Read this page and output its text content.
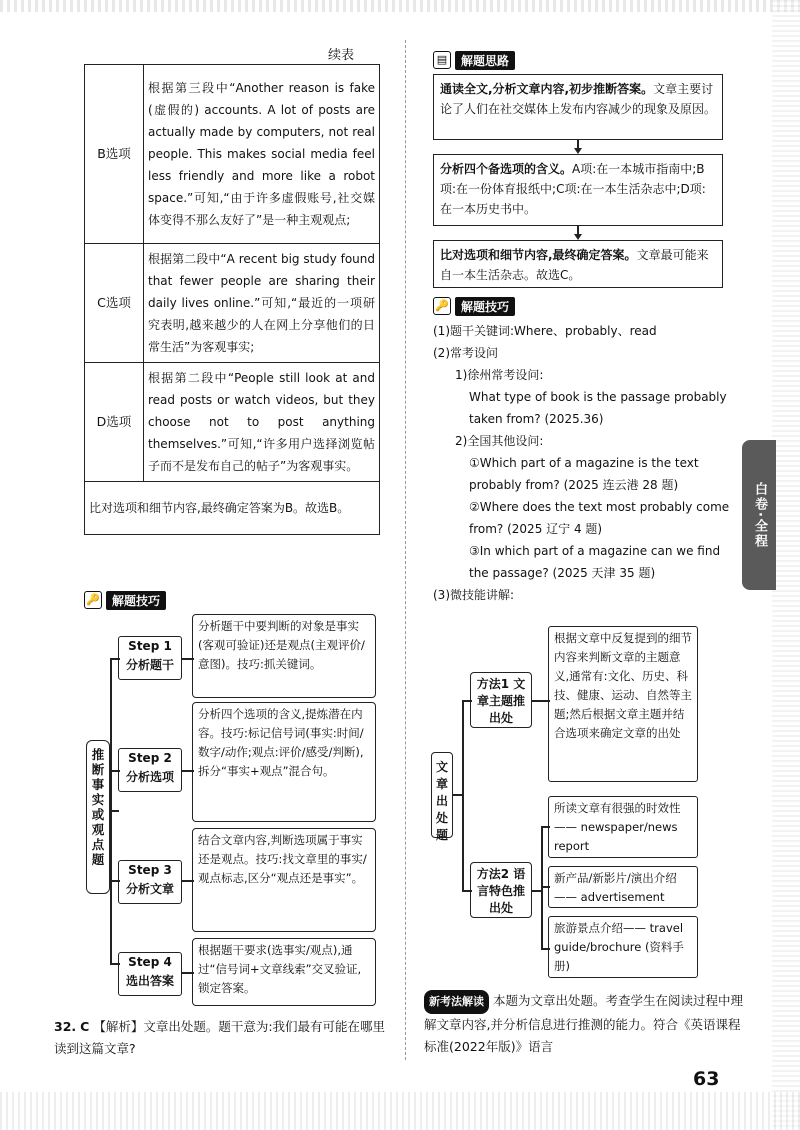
续表
B选项	根据第三段中“Another reason is fake (虚假的) accounts. A lot of posts are actually made by computers, not real people. This makes social media feel less friendly and more like a robot space.”可知,“由于许多虚假账号,社交媒体变得不那么友好了”是一种主观观点;
C选项	根据第二段中“A recent big study found that fewer people are sharing their daily lives online.”可知,“最近的一项研究表明,越来越少的人在网上分享他们的日常生活”为客观事实;
D选项	根据第二段中“People still look at and read posts or watch videos, but they choose not to post anything themselves.”可知,“许多用户选择浏览帖子而不是发布自己的帖子”为客观事实。
比对选项和细节内容,最终确定答案为B。故选B。	
🔑	解题技巧
推断事实或观点题
Step 1
分析题干
分析题干中要判断的对象是事实(客观可验证)还是观点(主观评价/意图)。技巧:抓关键词。
Step 2
分析选项
分析四个选项的含义,提炼潜在内容。技巧:标记信号词(事实:时间/数字/动作;观点:评价/感受/判断),拆分“事实+观点”混合句。
Step 3
分析文章
结合文章内容,判断选项属于事实还是观点。技巧:找文章里的事实/观点标志,区分“观点还是事实”。
Step 4
选出答案
根据题干要求(选事实/观点),通过“信号词+文章线索”交叉验证,锁定答案。
32. C 【解析】文章出处题。题干意为:我们最有可能在哪里读到这篇文章?
▤	解题思路
通读全文,分析文章内容,初步推断答案。文章主要讨论了人们在社交媒体上发布内容减少的现象及原因。
分析四个备选项的含义。A项:在一本城市指南中;B项:在一份体育报纸中;C项:在一本生活杂志中;D项:在一本历史书中。
比对选项和细节内容,最终确定答案。文章最可能来自一本生活杂志。故选C。
🔑	解题技巧
(1)题干关键词:Where、probably、read
(2)常考设问
1)徐州常考设问:
What type of book is the passage probably taken from? (2025.36)
2)全国其他设问:
①Which part of a magazine is the text probably from? (2025 连云港 28 题)
②Where does the text most probably come from? (2025 辽宁 4 题)
③In which part of a magazine can we find the passage? (2025 天津 35 题)
(3)微技能讲解:
文章出处题
方法1 文章主题推出处
根据文章中反复提到的细节内容来判断文章的主题意义,通常有:文化、历史、科技、健康、运动、自然等主题;然后根据文章主题并结合选项来确定文章的出处
方法2 语言特色推出处
所读文章有很强的时效性—— newspaper/news report
新产品/新影片/演出介绍—— advertisement
旅游景点介绍—— travel guide/brochure (资料手册)
新考法解读 本题为文章出处题。考查学生在阅读过程中理解文章内容,并分析信息进行推测的能力。符合《英语课程标准(2022年版)》语言
白卷·全程
63
